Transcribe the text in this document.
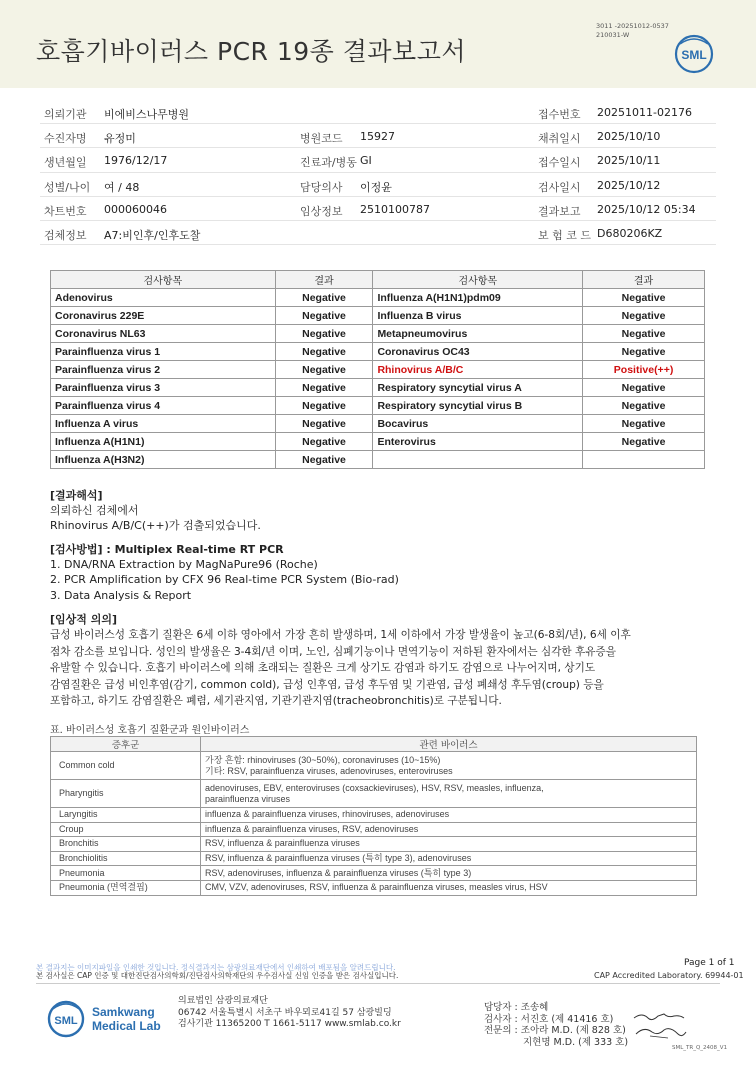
호흡기바이러스 PCR 19종 결과보고서
3011 -20251012-0537
210031-W
SML
의뢰기관 비에비스나무병원	접수번호 20251011-02176
수진자명 유정미	병원코드 15927	채취일시 2025/10/10
생년월일 1976/12/17	진료과/병동 GI	접수일시 2025/10/11
성별/나이 여 / 48	담당의사 이정윤	검사일시 2025/10/12
차트번호 000060046	임상정보 2510100787	결과보고 2025/10/12 05:34
검체정보 A7:비인후/인후도찰	보 험 코 드 D680206KZ
검사항목	결과	검사항목	결과
Adenovirus	Negative	Influenza A(H1N1)pdm09	Negative
Coronavirus 229E	Negative	Influenza B virus	Negative
Coronavirus NL63	Negative	Metapneumovirus	Negative
Parainfluenza virus 1	Negative	Coronavirus OC43	Negative
Parainfluenza virus 2	Negative	Rhinovirus A/B/C	Positive(++)
Parainfluenza virus 3	Negative	Respiratory syncytial virus A	Negative
Parainfluenza virus 4	Negative	Respiratory syncytial virus B	Negative
Influenza A virus	Negative	Bocavirus	Negative
Influenza A(H1N1)	Negative	Enterovirus	Negative
Influenza A(H3N2)	Negative		
[결과해석]
의뢰하신 검체에서
Rhinovirus A/B/C(++)가 검출되었습니다.
[검사방법] : Multiplex Real-time RT PCR
1. DNA/RNA Extraction by MagNaPure96 (Roche)
2. PCR Amplification by CFX 96 Real-time PCR System (Bio-rad)
3. Data Analysis & Report
[임상적 의의]
급성 바이러스성 호흡기 질환은 6세 이하 영아에서 가장 흔히 발생하며, 1세 이하에서 가장 발생율이 높고(6-8회/년), 6세 이후
점차 감소를 보입니다. 성인의 발생율은 3-4회/년 이며, 노인, 심폐기능이나 면역기능이 저하된 환자에서는 심각한 후유증을
유발할 수 있습니다. 호흡기 바이러스에 의해 초래되는 질환은 크게 상기도 감염과 하기도 감염으로 나누어지며, 상기도
감염질환은 급성 비인후염(감기, common cold), 급성 인후염, 급성 후두염 및 기관염, 급성 폐쇄성 후두염(croup) 등을
포함하고, 하기도 감염질환은 폐렴, 세기관지염, 기관기관지염(tracheobronchitis)로 구분됩니다.
표. 바이러스성 호흡기 질환군과 원인바이러스
증후군	관련 바이러스
Common cold	가장 흔함: rhinoviruses (30~50%), coronaviruses (10~15%)
기타: RSV, parainfluenza viruses, adenoviruses, enteroviruses

Pharyngitis	adenoviruses, EBV, enteroviruses (coxsackieviruses), HSV, RSV, measles, influenza,
parainfluenza viruses

Laryngitis	influenza & parainfluenza viruses, rhinoviruses, adenoviruses

Croup	influenza & parainfluenza viruses, RSV, adenoviruses

Bronchitis	RSV, influenza & parainfluenza viruses

Bronchiolitis	RSV, influenza & parainfluenza viruses (특히 type 3), adenoviruses

Pneumonia	RSV, adenoviruses, influenza & parainfluenza viruses (특히 type 3)

Pneumonia (면역결핍)	CMV, VZV, adenoviruses, RSV, influenza & parainfluenza viruses, measles virus, HSV
Page 1 of 1
본 결과지는 이미지파일을 인쇄한 것입니다. 정식결과지는 삼광의료재단에서 인쇄하여 배포됨을 알려드립니다.
본 검사실은 CAP 인증 및 대한진단검사의학회/진단검사의학재단의 우수검사실 신임 인증을 받은 검사실입니다.	CAP Accredited Laboratory. 69944-01
SML
Samkwang
Medical Lab
의료법인 삼광의료재단
06742 서울특별시 서초구 바우뫼로41길 57 삼광빌딩
검사기관 11365200 T 1661-5117 www.smlab.co.kr
담당자 : 조송혜
검사자 : 서진호 (제 41416 호)
전문의 : 조아라 M.D. (제 828 호)
지현명 M.D. (제 333 호)
SML_TR_Q_2408_V1
